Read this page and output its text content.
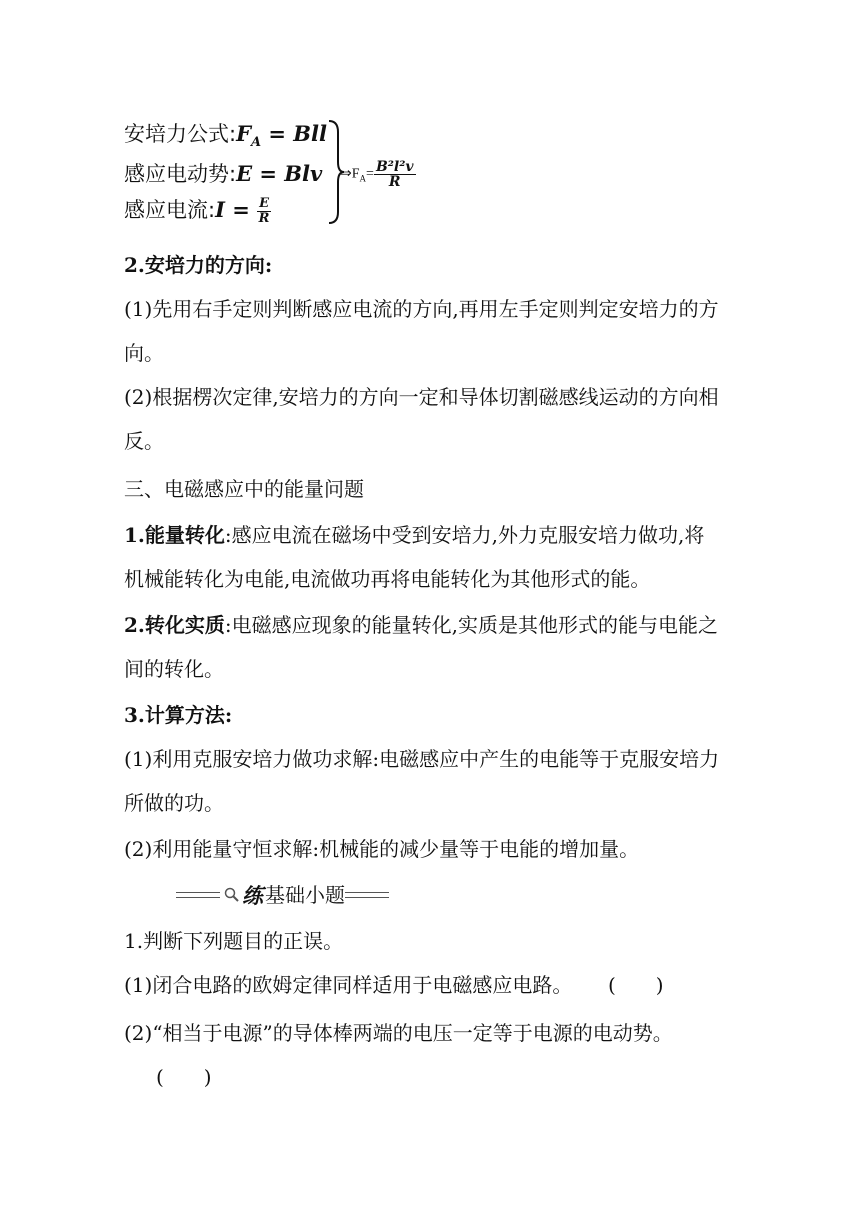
安培力公式$:F_A$ = Bll
感应电动势:E = Blv
感应电流:I = $\frac{E}{R}$
$\Rightarrow F_A= \frac{\text{B²l²v}}{R}$
2.安培力的方向:
(1)先用右手定则判断感应电流的方向,再用左手定则判定安培力的方
向。
(2)根据楞次定律,安培力的方向一定和导体切割磁感线运动的方向相
反。
三、电磁感应中的能量问题
1.能量转化:感应电流在磁场中受到安培力,外力克服安培力做功,将
机械能转化为电能,电流做功再将电能转化为其他形式的能。
2.转化实质:电磁感应现象的能量转化,实质是其他形式的能与电能之
间的转化。
3.计算方法:
(1)利用克服安培力做功求解:电磁感应中产生的电能等于克服安培力
所做的功。
(2)利用能量守恒求解:机械能的减少量等于电能的增加量。
练 基础小题
1.判断下列题目的正误。
(1)闭合电路的欧姆定律同样适用于电磁感应电路。 (　　)
(2)“相当于电源”的导体棒两端的电压一定等于电源的电动势。
(　　)
